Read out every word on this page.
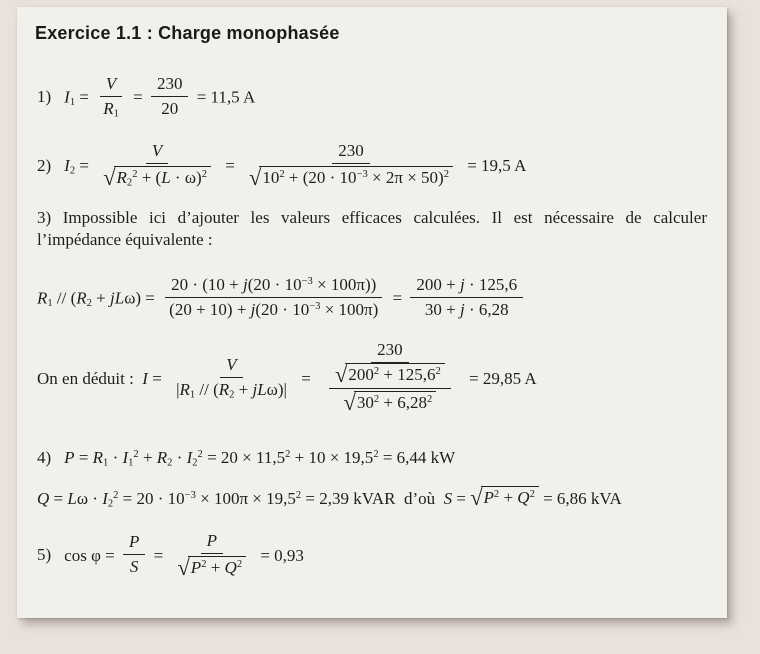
Exercice 1.1 : Charge monophasée
1) $I_1 = \frac{V}{R_1} = \frac{230}{20} = 11,5$ A
2) $I_2 = \frac{V}{√ R_2^2 + (L \cdot \omega)^2} = \frac{230}{√ 10^2 + (20 \cdot 10^{-3} \times 2\pi \times 50)^2} = 19,5$ A
3) Impossible ici d’ajouter les valeurs efficaces calculées. Il est nécessaire de calculer
l’impédance équivalente :
$R_1 // (R_2 + jL\omega) = \frac{20 \cdot (10 + j(20 \cdot 10^{-3} \times 100\pi))}{(20 + 10) + j(20 \cdot 10^{-3} \times 100\pi)} = \frac{200 + j \cdot 125,6}{30 + j \cdot 6,28}$
On en déduit :  $I = \frac{V}{|R_1 // (R_2 + jL\omega)|} = \frac{230}{\frac{√ 200^2 + 125,6^2}{√ 30^2 + 6,28^2}} = 29,85$ A
4) $P = R_1 \cdot I_1^2 + R_2 \cdot I_2^2 = 20 \times 11,5^2 + 10 \times 19,5^2 = 6,44$ kW
$Q = L\omega \cdot I_2^2 = 20 \cdot 10^{-3} \times 100\pi \times 19,5^2 = 2,39$ kVAR  d’où  S = √ $P^2 + Q^2 = 6,86$ kVA
5) $\cos \varphi = \frac{P}{S} = \frac{P}{√ P^2 + Q^2} = 0,93$
